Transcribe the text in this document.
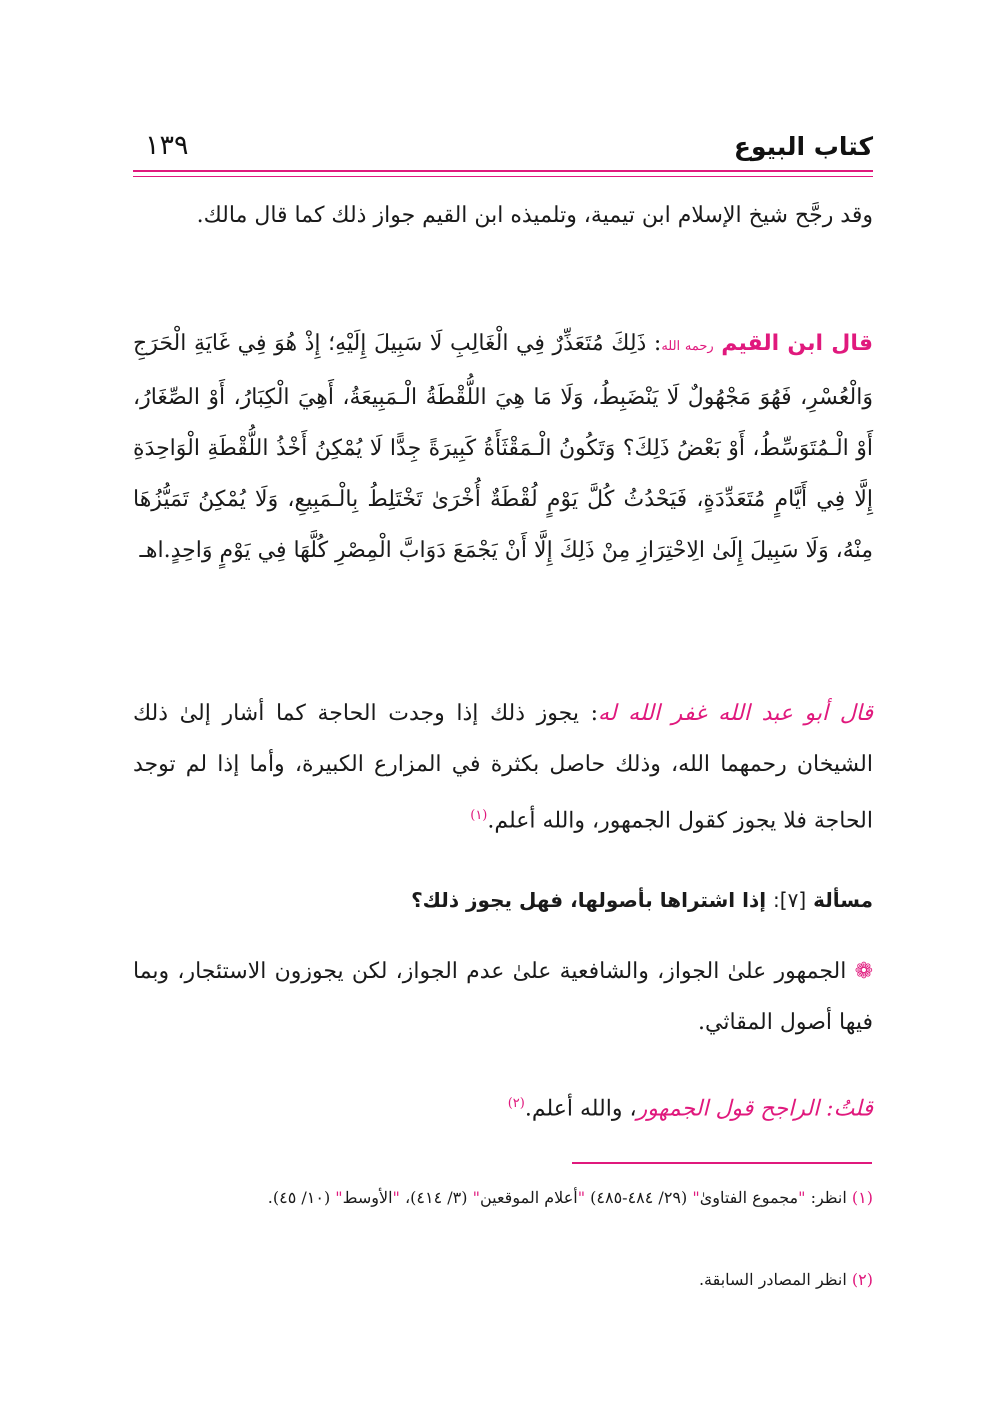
كتاب البيوع
١٣٩
وقد رجَّح شيخ الإسلام ابن تيمية، وتلميذه ابن القيم جواز ذلك كما قال مالك.
قال ابن القيم رحمه الله: ذَلِكَ مُتَعَذِّرٌ فِي الْغَالِبِ لَا سَبِيلَ إِلَيْهِ؛ إِذْ هُوَ فِي غَايَةِ الْحَرَجِ وَالْعُسْرِ، فَهُوَ مَجْهُولٌ لَا يَنْضَبِطُ، وَلَا مَا هِيَ اللُّقْطَةُ الْـمَبِيعَةُ، أَهِيَ الْكِبَارُ، أَوْ الصِّغَارُ، أَوْ الْـمُتَوَسِّطُ، أَوْ بَعْضُ ذَلِكَ؟ وَتَكُونُ الْـمَقْثَأَةُ كَبِيرَةً جِدًّا لَا يُمْكِنُ أَخْذُ اللُّقْطَةِ الْوَاحِدَةِ إِلَّا فِي أَيَّامٍ مُتَعَدِّدَةٍ، فَيَحْدُثُ كُلَّ يَوْمٍ لُقْطَةٌ أُخْرَىٰ تَخْتَلِطُ بِالْـمَبِيعِ، وَلَا يُمْكِنُ تَمَيُّزُهَا مِنْهُ، وَلَا سَبِيلَ إِلَىٰ الِاحْتِرَازِ مِنْ ذَلِكَ إِلَّا أَنْ يَجْمَعَ دَوَابَّ الْمِصْرِ كُلَّهَا فِي يَوْمٍ وَاحِدٍ.اهـ
قال أبو عبد الله غفر الله له: يجوز ذلك إذا وجدت الحاجة كما أشار إلىٰ ذلك الشيخان رحمهما الله، وذلك حاصل بكثرة في المزارع الكبيرة، وأما إذا لم توجد الحاجة فلا يجوز كقول الجمهور، والله أعلم.$^{(١)}$
مسألة [٧]: إذا اشتراها بأصولها، فهل يجوز ذلك؟
❁ الجمهور علىٰ الجواز، والشافعية علىٰ عدم الجواز، لكن يجوزون الاستئجار، وبما فيها أصول المقاثي.
قلتُ: الراجح قول الجمهور، والله أعلم.$^{(٢)}$
(١) انظر: "مجموع الفتاوىٰ" (٢٩/ ٤٨٤-٤٨٥) "أعلام الموقعين" (٣/ ٤١٤)، "الأوسط" (١٠/ ٤٥).
(٢) انظر المصادر السابقة.
